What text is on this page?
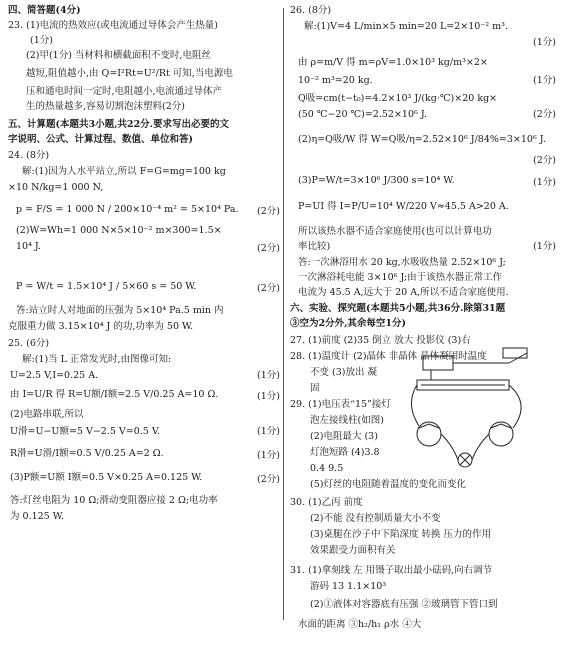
四、简答题(4分)
23. (1)电流的热效应(或电流通过导体会产生热量)
(1分)
(2)甲(1分) 当材料和横截面积不变时,电阻丝
越短,阻值越小,由 Q=I²Rt=U²/Rt 可知,当电源电
压和通电时间一定时,电阻越小,电流通过导体产
生的热量越多,容易切割泡沫塑料(2分)
五、计算题(本题共3小题,共22分.要求写出必要的文
字说明、公式、计算过程、数值、单位和答)
24. (8分)
解:(1)因为人水平站立,所以 F=G=mg=100 kg
×10 N/kg=1 000 N,
p = F/S = 1 000 N / 200×10⁻⁴ m² = 5×10⁴ Pa. (2分)
(2)W=Wh=1 000 N×5×10⁻² m×300=1.5×
10⁴ J.	(2分)
P = W/t = 1.5×10⁴ J / 5×60 s = 50 W.	(2分)
答:站立时人对地面的压强为 5×10⁴ Pa.5 min 内
克服重力做 3.15×10⁴ J 的功,功率为 50 W.
25. (6分)
解:(1)当 L 正常发光时,由图像可知:
U=2.5 V,I=0.25 A.	(1分)
由 I=U/R 得 R=U额/I额=2.5 V/0.25 A=10 Ω.	(1分)
(2)电路串联,所以
U滑=U−U额=5 V−2.5 V=0.5 V.	(1分)
R滑=U滑/I额=0.5 V/0.25 A=2 Ω.	(1分)
(3)P额=U额 I额=0.5 V×0.25 A=0.125 W.	(2分)
答:灯丝电阻为 10 Ω;滑动变阻器应接 2 Ω;电功率
为 0.125 W.
26. (8分)
解:(1)V=4 L/min×5 min=20 L=2×10⁻² m³.
(1分)
由 ρ=m/V 得 m=ρV=1.0×10³ kg/m³×2×
10⁻² m³=20 kg.	(1分)
Q吸=cm(t−t₀)=4.2×10³ J/(kg·℃)×20 kg×
(50 ℃−20 ℃)=2.52×10⁶ J.	(2分)
(2)η=Q吸/W 得 W=Q吸/η=2.52×10⁶ J/84%=3×10⁶ J.
(2分)
(3)P=W/t=3×10⁶ J/300 s=10⁴ W.	(1分)
P=UI 得 I=P/U=10⁴ W/220 V≈45.5 A>20 A.
所以该热水器不适合家庭使用(也可以计算电功
率比较)	(1分)
答:一次淋浴用水 20 kg,水吸收热量 2.52×10⁶ J;
一次淋浴耗电能 3×10⁶ J;由于该热水器正常工作
电流为 45.5 A,远大于 20 A,所以不适合家庭使用.
六、实验、探究题(本题共5小题,共36分.除第31题
③空为2分外,其余每空1分)
27. (1)前度 (2)35 倒立 放大 投影仪 (3)右
28. (1)温度计 (2)晶体 非晶体 晶体凝固时温度
不变 (3)放出 凝
固
29. (1)电压表“15”接灯
泡左接线柱(如图)
(2)电阻最大 (3)
灯泡短路 (4)3.8
0.4 9.5
(5)灯丝的电阻随着温度的变化而变化
30. (1)乙丙 前度
(2)不能 没有控制质量大小不变
(3)桌腿在沙子中下陷深度 转换 压力的作用
效果跟受力面积有关
31. (1)拿刻线 左 用镊子取出最小砝码,向右调节
游码 13 1.1×10³
(2)①液体对容器底有压强 ②玻璃管下管口到
水面的距离 ③h₂/h₁ ρ水 ④大
